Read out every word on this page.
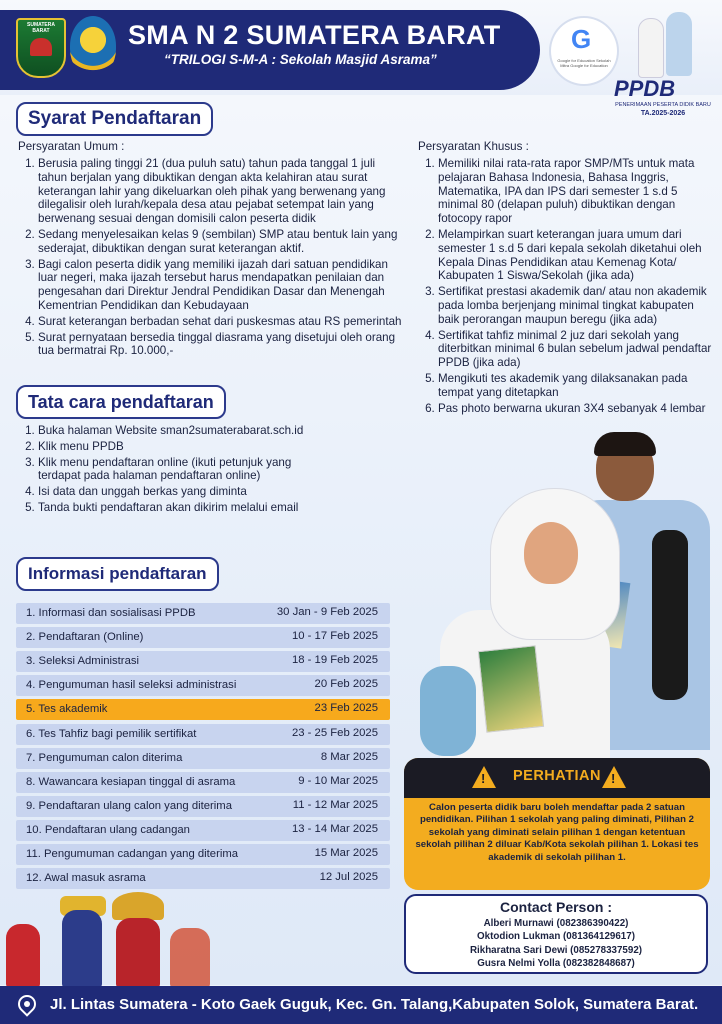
SUMATERA BARAT	SMA N 2 SUMATERA BARAT
“TRILOGI S-M-A : Sekolah Masjid Asrama”
G
Google for Education Sekolah Mitra Google for Education
PPDB
PENERIMAAN PESERTA DIDIK BARU
TA.2025-2026
Syarat Pendaftaran
Persyaratan Umum :
1. Berusia paling tinggi 21 (dua puluh satu) tahun pada tanggal 1 juli tahun berjalan yang dibuktikan dengan akta kelahiran atau surat keterangan lahir yang dikeluarkan oleh pihak yang berwenang yang dilegalisir oleh lurah/kepala desa atau pejabat setempat lain yang berwenang sesuai dengan domisili calon peserta didik
2. Sedang menyelesaikan kelas 9 (sembilan) SMP atau bentuk lain yang sederajat, dibuktikan dengan surat keterangan aktif.
3. Bagi calon peserta didik yang memiliki ijazah dari satuan pendidikan luar negeri, maka ijazah tersebut harus mendapatkan penilaian dan pengesahan dari Direktur Jendral Pendidikan Dasar dan Menengah Kementrian Pendidikan dan Kebudayaan
4. Surat keterangan berbadan sehat dari puskesmas atau RS pemerintah
5. Surat pernyataan bersedia tinggal diasrama yang disetujui oleh orang tua bermatrai Rp. 10.000,-
Persyaratan Khusus :
1. Memiliki nilai rata-rata rapor SMP/MTs untuk mata pelajaran Bahasa Indonesia, Bahasa Inggris, Matematika, IPA dan IPS dari semester 1 s.d 5 minimal 80 (delapan puluh) dibuktikan dengan fotocopy rapor
2. Melampirkan suart keterangan juara umum dari semester 1 s.d 5 dari kepala sekolah diketahui oleh Kepala Dinas Pendidikan atau Kemenag Kota/ Kabupaten 1 Siswa/Sekolah (jika ada)
3. Sertifikat prestasi akademik dan/ atau non akademik pada lomba berjenjang minimal tingkat kabupaten baik perorangan maupun beregu (jika ada)
4. Sertifikat tahfiz minimal 2 juz dari sekolah yang diterbitkan minimal 6 bulan sebelum jadwal pendaftar PPDB (jika ada)
5. Mengikuti tes akademik yang dilaksanakan pada tempat yang ditetapkan
6. Pas photo berwarna ukuran 3X4 sebanyak 4 lembar
Tata cara pendaftaran
1. Buka halaman Website sman2sumaterabarat.sch.id
2. Klik menu PPDB
3. Klik menu pendaftaran online (ikuti petunjuk yang terdapat pada halaman pendaftaran online)
4. Isi data dan unggah berkas yang diminta
5. Tanda bukti pendaftaran akan dikirim melalui email
Informasi pendaftaran
1. Informasi dan sosialisasi PPDB	30 Jan - 9 Feb 2025
2. Pendaftaran (Online)	10 - 17 Feb 2025
3. Seleksi Administrasi	18 - 19 Feb 2025
4. Pengumuman hasil seleksi administrasi	20 Feb 2025
5. Tes akademik	23 Feb 2025
6. Tes Tahfiz bagi pemilik sertifikat	23 - 25 Feb 2025
7. Pengumuman calon diterima	8 Mar 2025
8. Wawancara kesiapan tinggal di asrama	9 - 10 Mar 2025
9. Pendaftaran ulang calon yang diterima	11 - 12 Mar 2025
10. Pendaftaran ulang cadangan	13 - 14 Mar 2025
11. Pengumuman cadangan yang diterima	15 Mar 2025
12. Awal masuk asrama	12 Jul 2025
!	!
PERHATIAN
Calon peserta didik baru boleh mendaftar pada 2 satuan pendidikan. Pilihan 1 sekolah yang paling diminati, Pilihan 2 sekolah yang diminati selain pilihan 1 dengan ketentuan sekolah pilihan 2 diluar Kab/Kota sekolah pilihan 1. Lokasi tes akademik di sekolah pilihan 1.
Contact Person :
Alberi Murnawi (082386390422)
Oktodion Lukman (081364129617)
Rikharatna Sari Dewi (085278337592)
Gusra Nelmi Yolla (082382848687)
Jl. Lintas Sumatera - Koto Gaek Guguk, Kec. Gn. Talang,Kabupaten Solok, Sumatera Barat.
